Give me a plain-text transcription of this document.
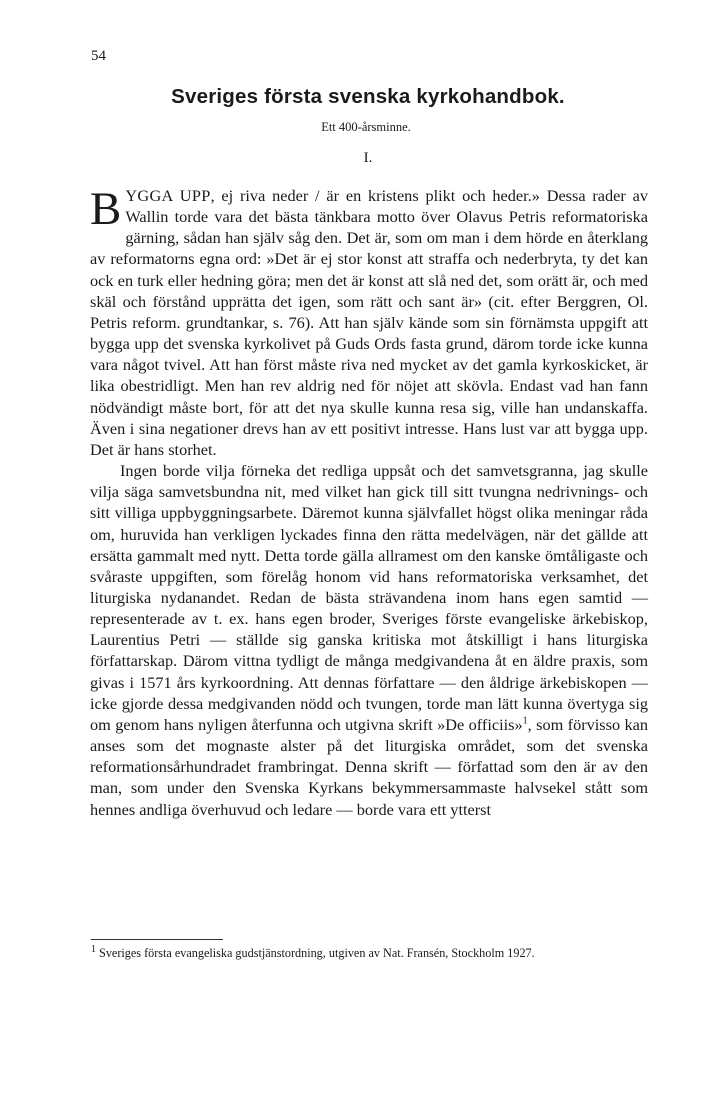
54
Sveriges första svenska kyrkohandbok.
Ett 400-årsminne.
I.

BYGGA UPP, ej riva neder / är en kristens plikt och heder.» Dessa rader av Wallin torde vara det bästa tänkbara motto över Olavus Petris reformatoriska gärning, sådan han själv såg den. Det är, som om man i dem hörde en återklang av reformatorns egna ord: »Det är ej stor konst att straffa och nederbryta, ty det kan ock en turk eller hedning göra; men det är konst att slå ned det, som orätt är, och med skäl och förstånd upprätta det igen, som rätt och sant är» (cit. efter Berggren, Ol. Petris reform. grundtankar, s. 76). Att han själv kände som sin förnämsta uppgift att bygga upp det svenska kyrkolivet på Guds Ords fasta grund, därom torde icke kunna vara något tvivel. Att han först måste riva ned mycket av det gamla kyrkoskicket, är lika obestridligt. Men han rev aldrig ned för nöjet att skövla. Endast vad han fann nödvändigt måste bort, för att det nya skulle kunna resa sig, ville han undanskaffa. Även i sina negationer drevs han av ett positivt intresse. Hans lust var att bygga upp. Det är hans storhet.

Ingen borde vilja förneka det redliga uppsåt och det samvetsgranna, jag skulle vilja säga samvetsbundna nit, med vilket han gick till sitt tvungna nedrivnings- och sitt villiga uppbyggningsarbete. Däremot kunna självfallet högst olika meningar råda om, huruvida han verkligen lyckades finna den rätta medelvägen, när det gällde att ersätta gammalt med nytt. Detta torde gälla allramest om den kanske ömtåligaste och svåraste uppgiften, som förelåg honom vid hans reformatoriska verksamhet, det liturgiska nydanandet. Redan de bästa strävandena inom hans egen samtid — representerade av t. ex. hans egen broder, Sveriges förste evangeliske ärkebiskop, Laurentius Petri — ställde sig ganska kritiska mot åtskilligt i hans liturgiska författarskap. Därom vittna tydligt de många medgivandena åt en äldre praxis, som givas i 1571 års kyrkoordning. Att dennas författare — den åldrige ärkebiskopen — icke gjorde dessa medgivanden nödd och tvungen, torde man lätt kunna övertyga sig om genom hans nyligen återfunna och utgivna skrift »De officiis»$^1$, som förvisso kan anses som det mognaste alster på det liturgiska området, som det svenska reformationsårhundradet frambringat. Denna skrift — författad som den är av den man, som under den Svenska Kyrkans bekymmersammaste halvsekel stått som hennes andliga överhuvud och ledare — borde vara ett ytterst

$^1$ Sveriges första evangeliska gudstjänstordning, utgiven av Nat. Fransén, Stockholm 1927.
